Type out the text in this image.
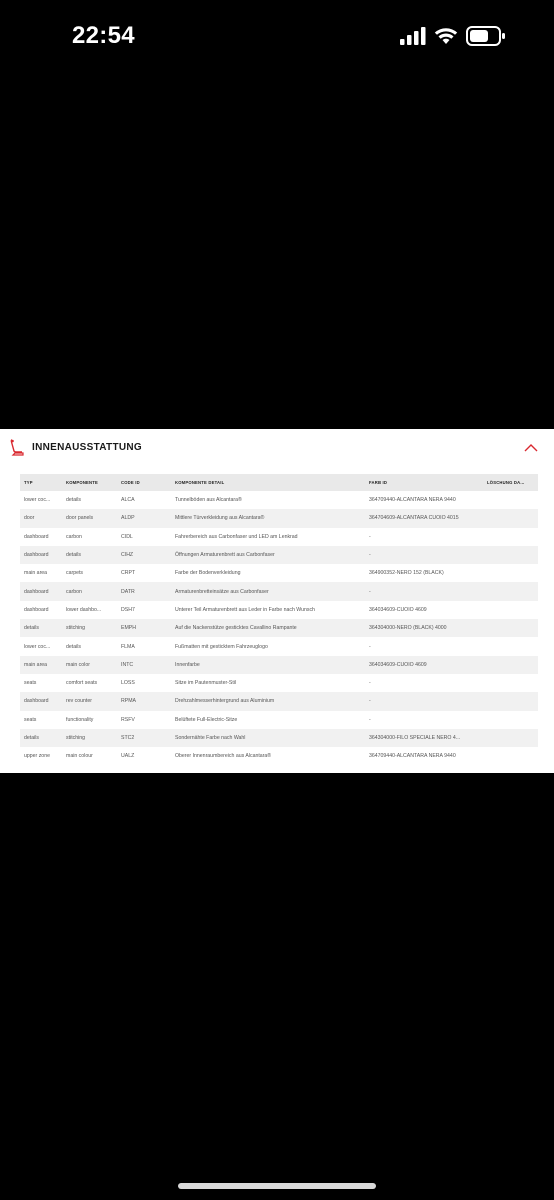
22:54
INNENAUSSTATTUNG
TYP	KOMPONENTE	CODE ID	KOMPONENTE DETAIL	FARB ID	LÖSCHUNG DA...
lower coc...	details	ALCA	Tunnelböden aus Alcantara®	364709440-ALCANTARA NERA 9440	
door	door panels	ALDP	Mittlere Türverkleidung aus Alcantara®	364704609-ALCANTARA CUOIO 4015	
dashboard	carbon	CIDL	Fahrerbereich aus Carbonfaser und LED am Lenkrad	-	
dashboard	details	CIHZ	Öffnungen Armaturenbrett aus Carbonfaser	-	
main area	carpets	CRPT	Farbe der Bodenverkleidung	364900352-NERO 152 (BLACK)	
dashboard	carbon	DATR	Armaturenbretteinsätze aus Carbonfaser	-	
dashboard	lower dashbo...	DSH7	Unterer Teil Armaturenbrett aus Leder in Farbe nach Wunsch	364034609-CUOIO 4609	
details	stitching	EMPH	Auf die Nackenstütze gesticktes Cavallino Rampante	364304000-NERO (BLACK) 4000	
lower coc...	details	FLMA	Fußmatten mit gesticktem Fahrzeuglogo	-	
main area	main color	INTC	Innenfarbe	364034609-CUOIO 4609	
seats	comfort seats	LOSS	Sitze im Pautenmuster-Stil	-	
dashboard	rev counter	RPMA	Drehzahlmesserhintergrund aus Aluminium	-	
seats	functionality	RSFV	Belüftete Full-Electric-Sitze	-	
details	stitching	STC2	Sondernähte Farbe nach Wahl	364304000-FILO SPECIALE NERO 4...	
upper zone	main colour	UALZ	Oberer Innenraumbereich aus Alcantara®	364709440-ALCANTARA NERA 9440	
